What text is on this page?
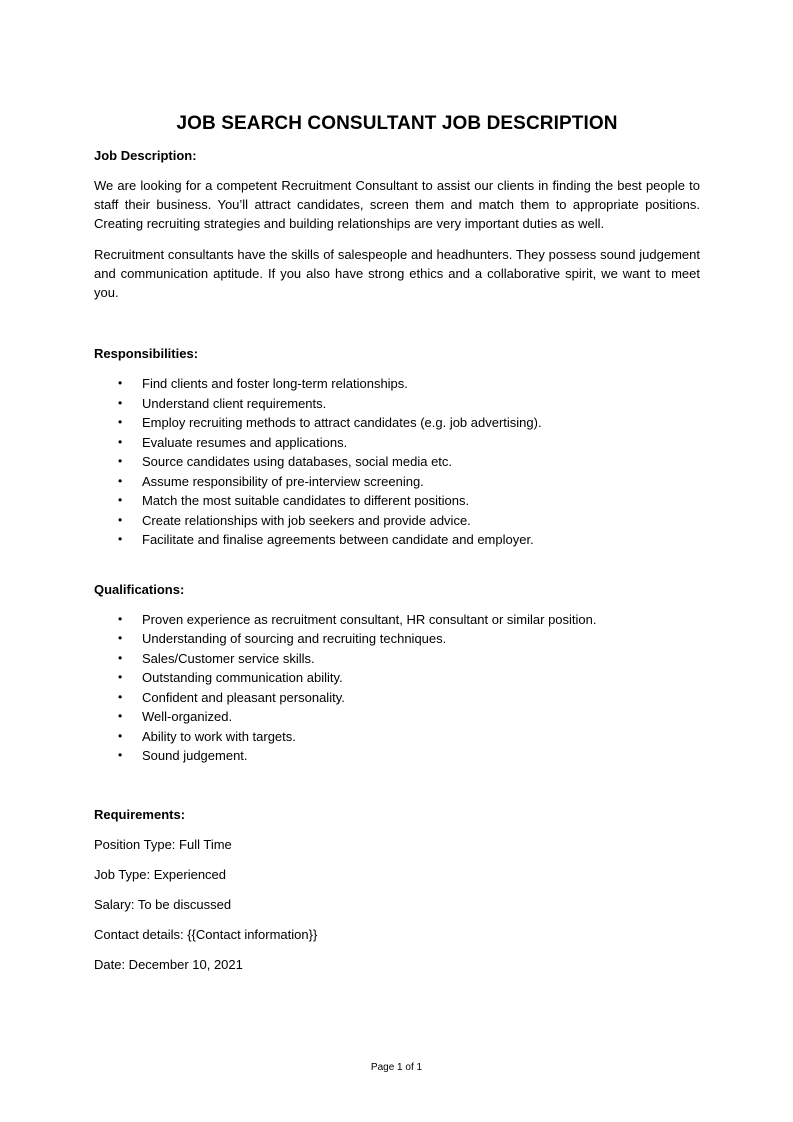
JOB SEARCH CONSULTANT JOB DESCRIPTION

Job Description:

We are looking for a competent Recruitment Consultant to assist our clients in finding the best people to staff their business. You’ll attract candidates, screen them and match them to appropriate positions. Creating recruiting strategies and building relationships are very important duties as well.

Recruitment consultants have the skills of salespeople and headhunters. They possess sound judgement and communication aptitude. If you also have strong ethics and a collaborative spirit, we want to meet you.

Responsibilities:

• Find clients and foster long-term relationships.
• Understand client requirements.
• Employ recruiting methods to attract candidates (e.g. job advertising).
• Evaluate resumes and applications.
• Source candidates using databases, social media etc.
• Assume responsibility of pre-interview screening.
• Match the most suitable candidates to different positions.
• Create relationships with job seekers and provide advice.
• Facilitate and finalise agreements between candidate and employer.

Qualifications:

• Proven experience as recruitment consultant, HR consultant or similar position.
• Understanding of sourcing and recruiting techniques.
• Sales/Customer service skills.
• Outstanding communication ability.
• Confident and pleasant personality.
• Well-organized.
• Ability to work with targets.
• Sound judgement.

Requirements:

Position Type: Full Time

Job Type: Experienced

Salary: To be discussed

Contact details: {{Contact information}}

Date: December 10, 2021

Page 1 of 1
